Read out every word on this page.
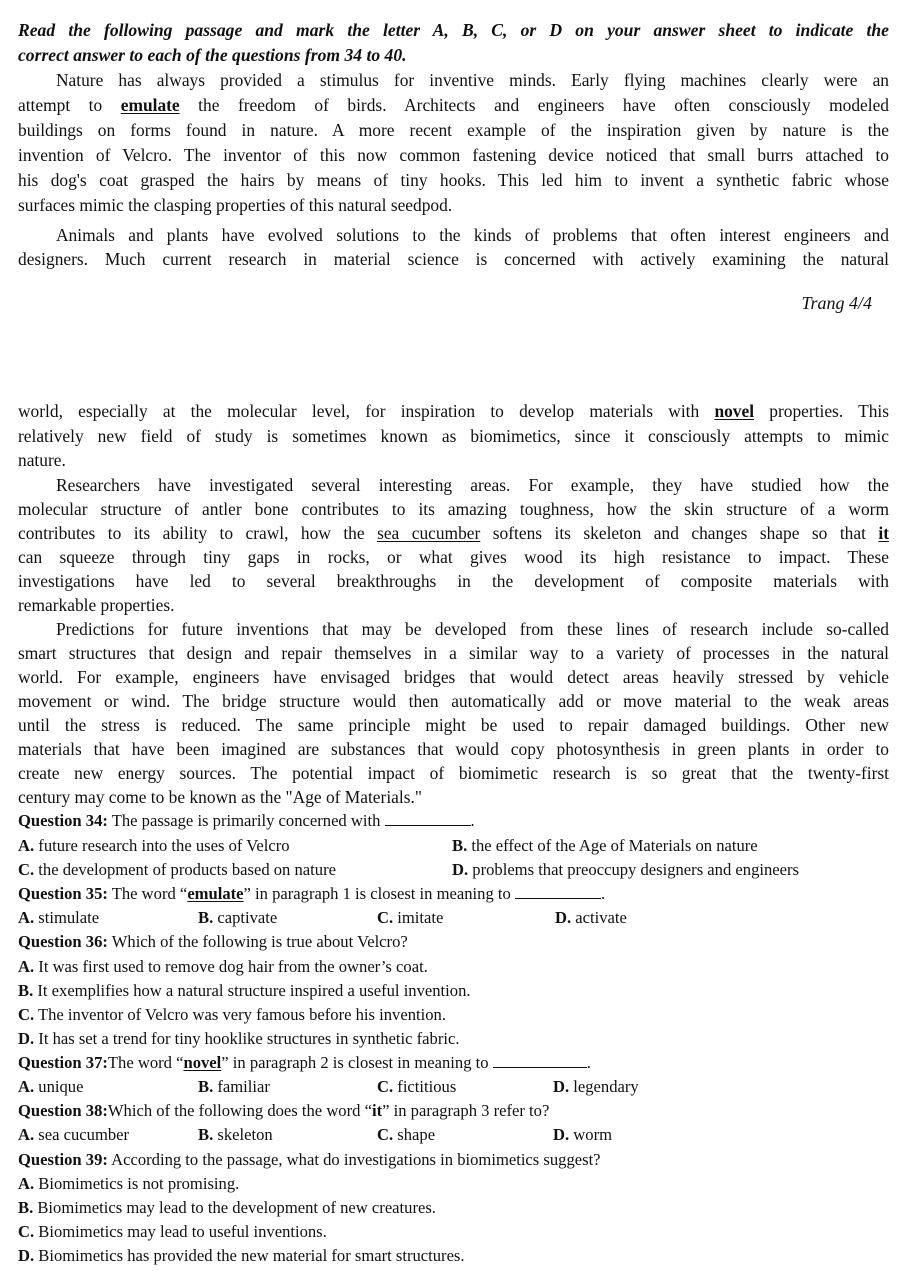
Read the following passage and mark the letter A, B, C, or D on your answer sheet to indicate the
correct answer to each of the questions from 34 to 40.
Nature has always provided a stimulus for inventive minds. Early flying machines clearly were an
attempt to emulate the freedom of birds. Architects and engineers have often consciously modeled
buildings on forms found in nature. A more recent example of the inspiration given by nature is the
invention of Velcro. The inventor of this now common fastening device noticed that small burrs attached to
his dog's coat grasped the hairs by means of tiny hooks. This led him to invent a synthetic fabric whose
surfaces mimic the clasping properties of this natural seedpod.
Animals and plants have evolved solutions to the kinds of problems that often interest engineers and
designers. Much current research in material science is concerned with actively examining the natural
Trang 4/4
world, especially at the molecular level, for inspiration to develop materials with novel properties. This
relatively new field of study is sometimes known as biomimetics, since it consciously attempts to mimic
nature.
Researchers have investigated several interesting areas. For example, they have studied how the
molecular structure of antler bone contributes to its amazing toughness, how the skin structure of a worm
contributes to its ability to crawl, how the sea cucumber softens its skeleton and changes shape so that it
can squeeze through tiny gaps in rocks, or what gives wood its high resistance to impact. These
investigations have led to several breakthroughs in the development of composite materials with
remarkable properties.
Predictions for future inventions that may be developed from these lines of research include so-called
smart structures that design and repair themselves in a similar way to a variety of processes in the natural
world. For example, engineers have envisaged bridges that would detect areas heavily stressed by vehicle
movement or wind. The bridge structure would then automatically add or move material to the weak areas
until the stress is reduced. The same principle might be used to repair damaged buildings. Other new
materials that have been imagined are substances that would copy photosynthesis in green plants in order to
create new energy sources. The potential impact of biomimetic research is so great that the twenty-first
century may come to be known as the "Age of Materials."
Question 34: The passage is primarily concerned with	.
A. future research into the uses of Velcro	B. the effect of the Age of Materials on nature
C. the development of products based on nature	D. problems that preoccupy designers and engineers
Question 35: The word “emulate” in paragraph 1 is closest in meaning to	.
A. stimulate	B. captivate	C. imitate	D. activate
Question 36: Which of the following is true about Velcro?
A. It was first used to remove dog hair from the owner’s coat.
B. It exemplifies how a natural structure inspired a useful invention.
C. The inventor of Velcro was very famous before his invention.
D. It has set a trend for tiny hooklike structures in synthetic fabric.
Question 37:The word “novel” in paragraph 2 is closest in meaning to	.
A. unique	B. familiar	C. fictitious	D. legendary
Question 38:Which of the following does the word “it” in paragraph 3 refer to?
A. sea cucumber	B. skeleton	C. shape	D. worm
Question 39: According to the passage, what do investigations in biomimetics suggest?
A. Biomimetics is not promising.
B. Biomimetics may lead to the development of new creatures.
C. Biomimetics may lead to useful inventions.
D. Biomimetics has provided the new material for smart structures.
